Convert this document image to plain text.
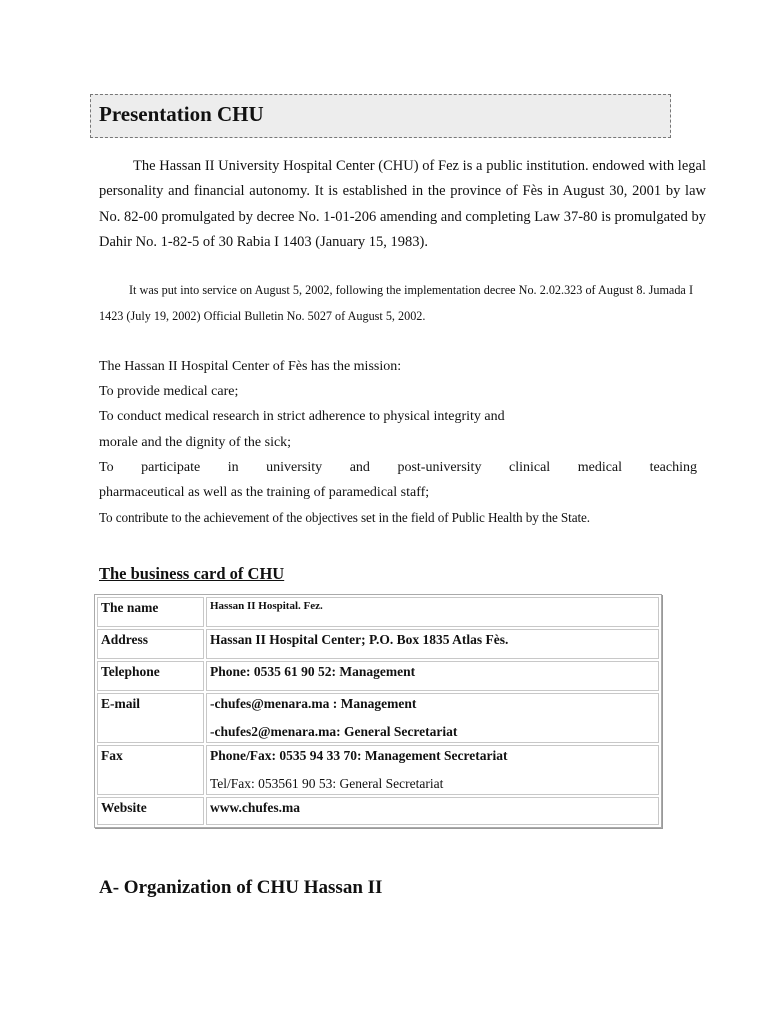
Presentation CHU

The Hassan II University Hospital Center (CHU) of Fez is a public institution. endowed with legal personality and financial autonomy. It is established in the province of Fès in August 30, 2001 by law No. 82-00 promulgated by decree No. 1-01-206 amending and completing Law 37-80 is promulgated by Dahir No. 1-82-5 of 30 Rabia I 1403 (January 15, 1983).

It was put into service on August 5, 2002, following the implementation decree No. 2.02.323 of August 8. Jumada I 1423 (July 19, 2002) Official Bulletin No. 5027 of August 5, 2002.

The Hassan II Hospital Center of Fès has the mission:
To provide medical care;
To conduct medical research in strict adherence to physical integrity and
morale and the dignity of the sick;
To participate in university and post-university clinical medical teaching
pharmaceutical as well as the training of paramedical staff;
To contribute to the achievement of the objectives set in the field of Public Health by the State.
The business card of CHU
The name	Hassan II Hospital. Fez.
Address	Hassan II Hospital Center; P.O. Box 1835 Atlas Fès.
Telephone	Phone: 0535 61 90 52: Management
E-mail	-chufes@menara.ma : Management
-chufes2@menara.ma: General Secretariat

Fax	Phone/Fax: 0535 94 33 70: Management Secretariat
Tel/Fax: 053561 90 53: General Secretariat

Website	www.chufes.ma
A- Organization of CHU Hassan II
